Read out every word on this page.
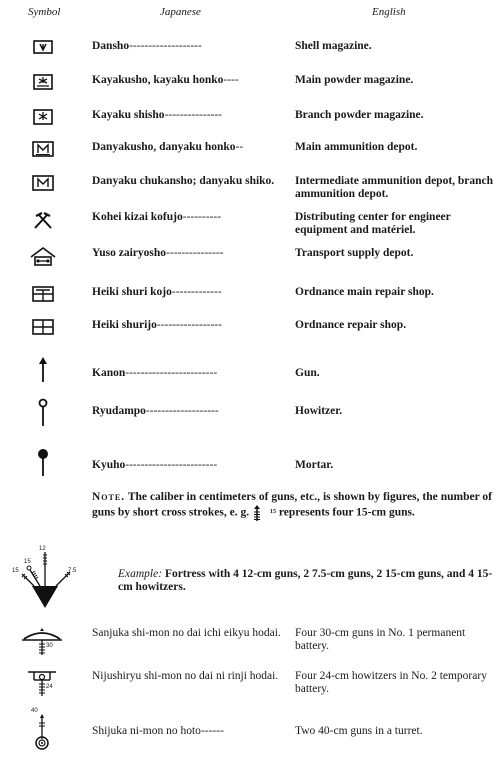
Symbol	Japanese	English
Dansho-------------------	Shell magazine.
Kayakusho, kayaku honko----	Main powder magazine.
Kayaku shisho---------------	Branch powder magazine.
Danyakusho, danyaku honko--	Main ammunition depot.
Danyaku chukansho; danyaku shiko.	Intermediate ammunition depot, branch ammunition depot.
Kohei kizai kofujo----------	Distributing center for engineer equipment and matériel.
Yuso zairyosho---------------	Transport supply depot.
Heiki shuri kojo-------------	Ordnance main repair shop.
Heiki shurijo-----------------	Ordnance repair shop.
Kanon------------------------	Gun.
Ryudampo-------------------	Howitzer.
Kyuho------------------------	Mortar.
Note. The caliber in centimeters of guns, etc., is shown by figures, the number of guns by short cross strokes, e. g.	$^{15}$ represents four 15-cm guns.
12
15	7.5
15
Example: Fortress with 4 12-cm guns, 2 7.5-cm guns, 2 15-cm guns, and 4 15-cm howitzers.
30
Sanjuka shi-mon no dai ichi eikyu hodai.	Four 30-cm guns in No. 1 permanent battery.
24
Nijushiryu shi-mon no dai ni rinji hodai.	Four 24-cm howitzers in No. 2 temporary battery.
40
Shijuka ni-mon no hoto------	Two 40-cm guns in a turret.
